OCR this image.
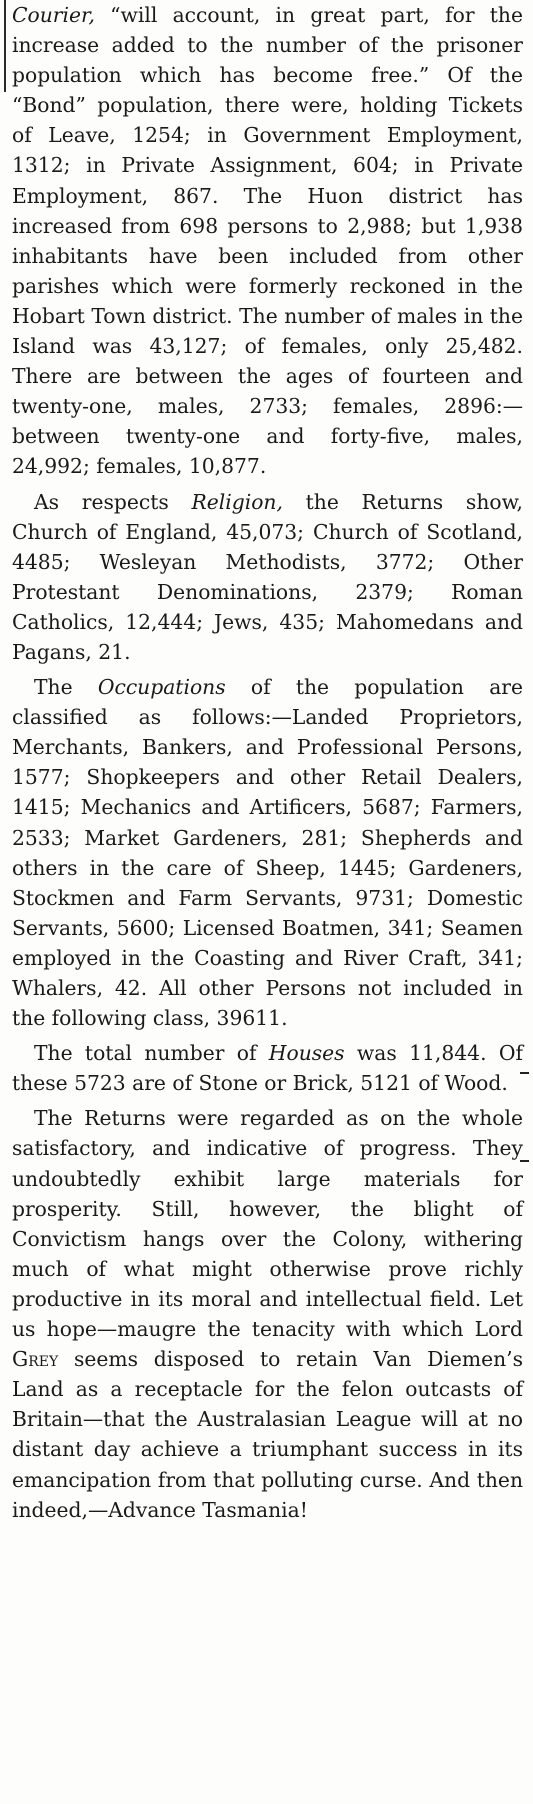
Courier, “will account, in great part, for the increase added to the number of the prisoner population which has become free.” Of the “Bond” population, there were, holding Tickets of Leave, 1254; in Government Employment, 1312; in Private Assignment, 604; in Private Employment, 867. The Huon district has increased from 698 persons to 2,988; but 1,938 inhabitants have been included from other parishes which were formerly reckoned in the Hobart Town district. The number of males in the Island was 43,127; of females, only 25,482. There are between the ages of fourteen and twenty-one, males, 2733; females, 2896:—between twenty-one and forty-five, males, 24,992; females, 10,877.

As respects Religion, the Returns show, Church of England, 45,073; Church of Scotland, 4485; Wesleyan Methodists, 3772; Other Protestant Denominations, 2379; Roman Catholics, 12,444; Jews, 435; Mahomedans and Pagans, 21.

The Occupations of the population are classified as follows:—Landed Proprietors, Merchants, Bankers, and Professional Persons, 1577; Shopkeepers and other Retail Dealers, 1415; Mechanics and Artificers, 5687; Farmers, 2533; Market Gardeners, 281; Shepherds and others in the care of Sheep, 1445; Gardeners, Stockmen and Farm Servants, 9731; Domestic Servants, 5600; Licensed Boatmen, 341; Seamen employed in the Coasting and River Craft, 341; Whalers, 42. All other Persons not included in the following class, 39611.

The total number of Houses was 11,844. Of these 5723 are of Stone or Brick, 5121 of Wood.

The Returns were regarded as on the whole satisfactory, and indicative of progress. They undoubtedly exhibit large materials for prosperity. Still, however, the blight of Convictism hangs over the Colony, withering much of what might otherwise prove richly productive in its moral and intellectual field. Let us hope—maugre the tenacity with which Lord Grey seems disposed to retain Van Diemen’s Land as a receptacle for the felon outcasts of Britain—that the Australasian League will at no distant day achieve a triumphant success in its emancipation from that polluting curse. And then indeed,—Advance Tasmania!
